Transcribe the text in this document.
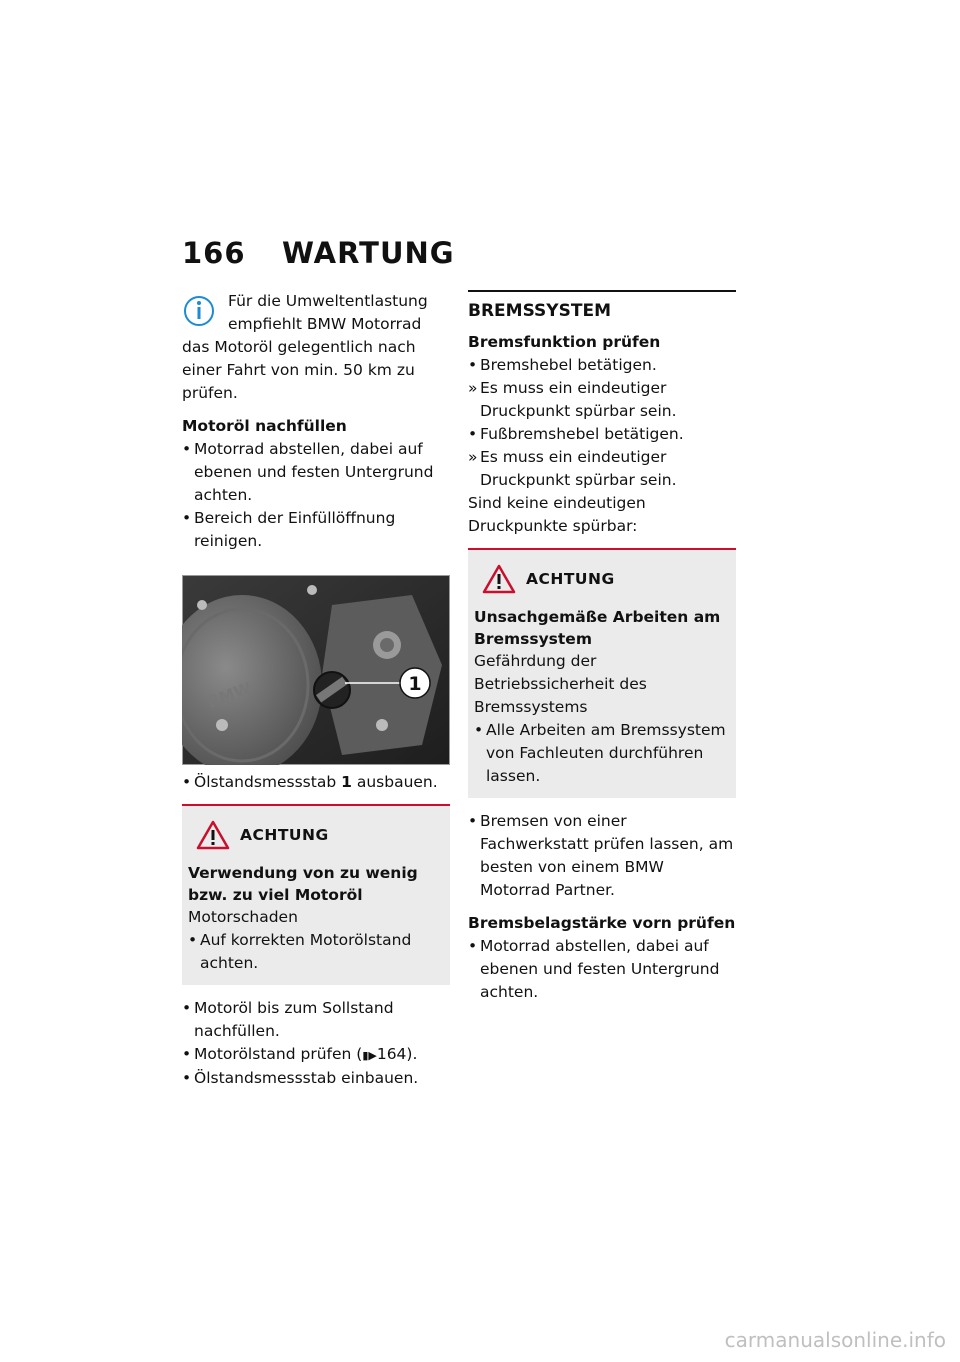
166 WARTUNG

Für die Umweltentlastung

empfiehlt BMW Motorrad

das Motoröl gelegentlich nach einer Fahrt von min. 50 km zu prüfen.

Motoröl nachfüllen

• Motorrad abstellen, dabei auf ebenen und festen Untergrund achten.
• Bereich der Einfüllöffnung reinigen.
BMW	1
• Ölstandsmessstab 1 ausbauen.
ACHTUNG

Verwendung von zu wenig bzw. zu viel Motoröl

Motorschaden

• Auf korrekten Motorölstand achten.
• Motoröl bis zum Sollstand nachfüllen.
• Motorölstand prüfen (▮▶164).
• Ölstandsmessstab einbauen.

BREMSSYSTEM

Bremsfunktion prüfen

• Bremshebel betätigen.
» Es muss ein eindeutiger Druckpunkt spürbar sein.
• Fußbremshebel betätigen.
» Es muss ein eindeutiger Druckpunkt spürbar sein.

Sind keine eindeutigen Druckpunkte spürbar:

ACHTUNG

Unsachgemäße Arbeiten am Bremssystem

Gefährdung der Betriebssicherheit des Bremssystems

• Alle Arbeiten am Bremssystem von Fachleuten durchführen lassen.
• Bremsen von einer Fachwerkstatt prüfen lassen, am besten von einem BMW Motorrad Partner.

Bremsbelagstärke vorn prüfen

• Motorrad abstellen, dabei auf ebenen und festen Untergrund achten.
carmanualsonline.info
